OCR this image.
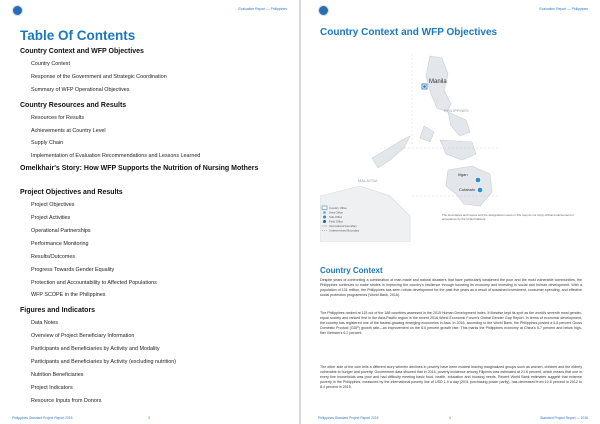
Evaluation Report — Philippines
Table Of Contents
Country Context and WFP Objectives
Country Context
Response of the Government and Strategic Coordination
Summary of WFP Operational Objectives
Country Resources and Results
Resources for Results
Achievements at Country Level
Supply Chain
Implementation of Evaluation Recommendations and Lessons Learned
Omelkhair's Story: How WFP Supports the Nutrition of Nursing Mothers
Project Objectives and Results
Project Objectives
Project Activities
Operational Partnerships
Performance Monitoring
Results/Outcomes
Progress Towards Gender Equality
Protection and Accountability to Affected Populations
WFP SCOPE in the Philippines
Figures and Indicators
Data Notes
Overview of Project Beneficiary Information
Participants and Beneficiaries by Activity and Modality
Participants and Beneficiaries by Activity (excluding nutrition)
Nutrition Beneficiaries
Project Indicators
Resource Inputs from Donors
Philippines Standard Project Report 2016	3
Evaluation Report — Philippines
Country Context and WFP Objectives
Manila
PHILIPPINES
MALAYSIA
Iligan
Cotabato
Country Office
Area Office
Sub-Office
Field Office
International boundary
Undetermined Boundary
The boundaries and names and the designations used on this map do not imply official endorsement or acceptance by the United Nations.
Country Context

Despite years of confronting a combination of man-made and natural disasters that have particularly weakened the poor and the most vulnerable communities, the Philippines continues to make strides in improving the country's resilience through boosting its economy and investing in social and human development. With a population of 101 million, the Philippines has seen robust development for the past five years as a result of sustained investment, consumer spending, and effective social protection programmes (World Bank, 2016).

The Philippines ranked at 115 out of the 188 countries assessed in the 2015 Human Development Index. It likewise kept its spot as the world's seventh most gender-equal society and ranked first in the Asia-Pacific region in the recent 2016 World Economic Forum's Global Gender Gap Report. In terms of economic development, the country has registered one of the fastest-growing emerging economies in Asia. In 2016, according to the World Bank, the Philippines posted a 6.8 percent Gross Domestic Product (GDP) growth rate—an improvement on the 6.0 percent growth rate. This marks the Philippines economy at China's 6.7 percent and below high-flier Vietnam's 6.2 percent.

The other side of the coin tells a different story wherein declines in poverty have been modest leaving marginalized groups such as women, children and the elderly vulnerable to hunger and poverty. Government data showed that in 2015, poverty incidence among Filipinos was estimated at 21.6 percent, which means that one in every five households was poor and had difficulty meeting basic food, health, education and housing needs. Recent World Bank estimates suggest that extreme poverty in the Philippines, measured by the international poverty line of USD 1.9 a day (2011 purchasing power parity), has decreased from 10.6 percent in 2012 to 8.4 percent in 2015.

Philippines Standard Project Report 2016	4	Standard Project Report — 2016
